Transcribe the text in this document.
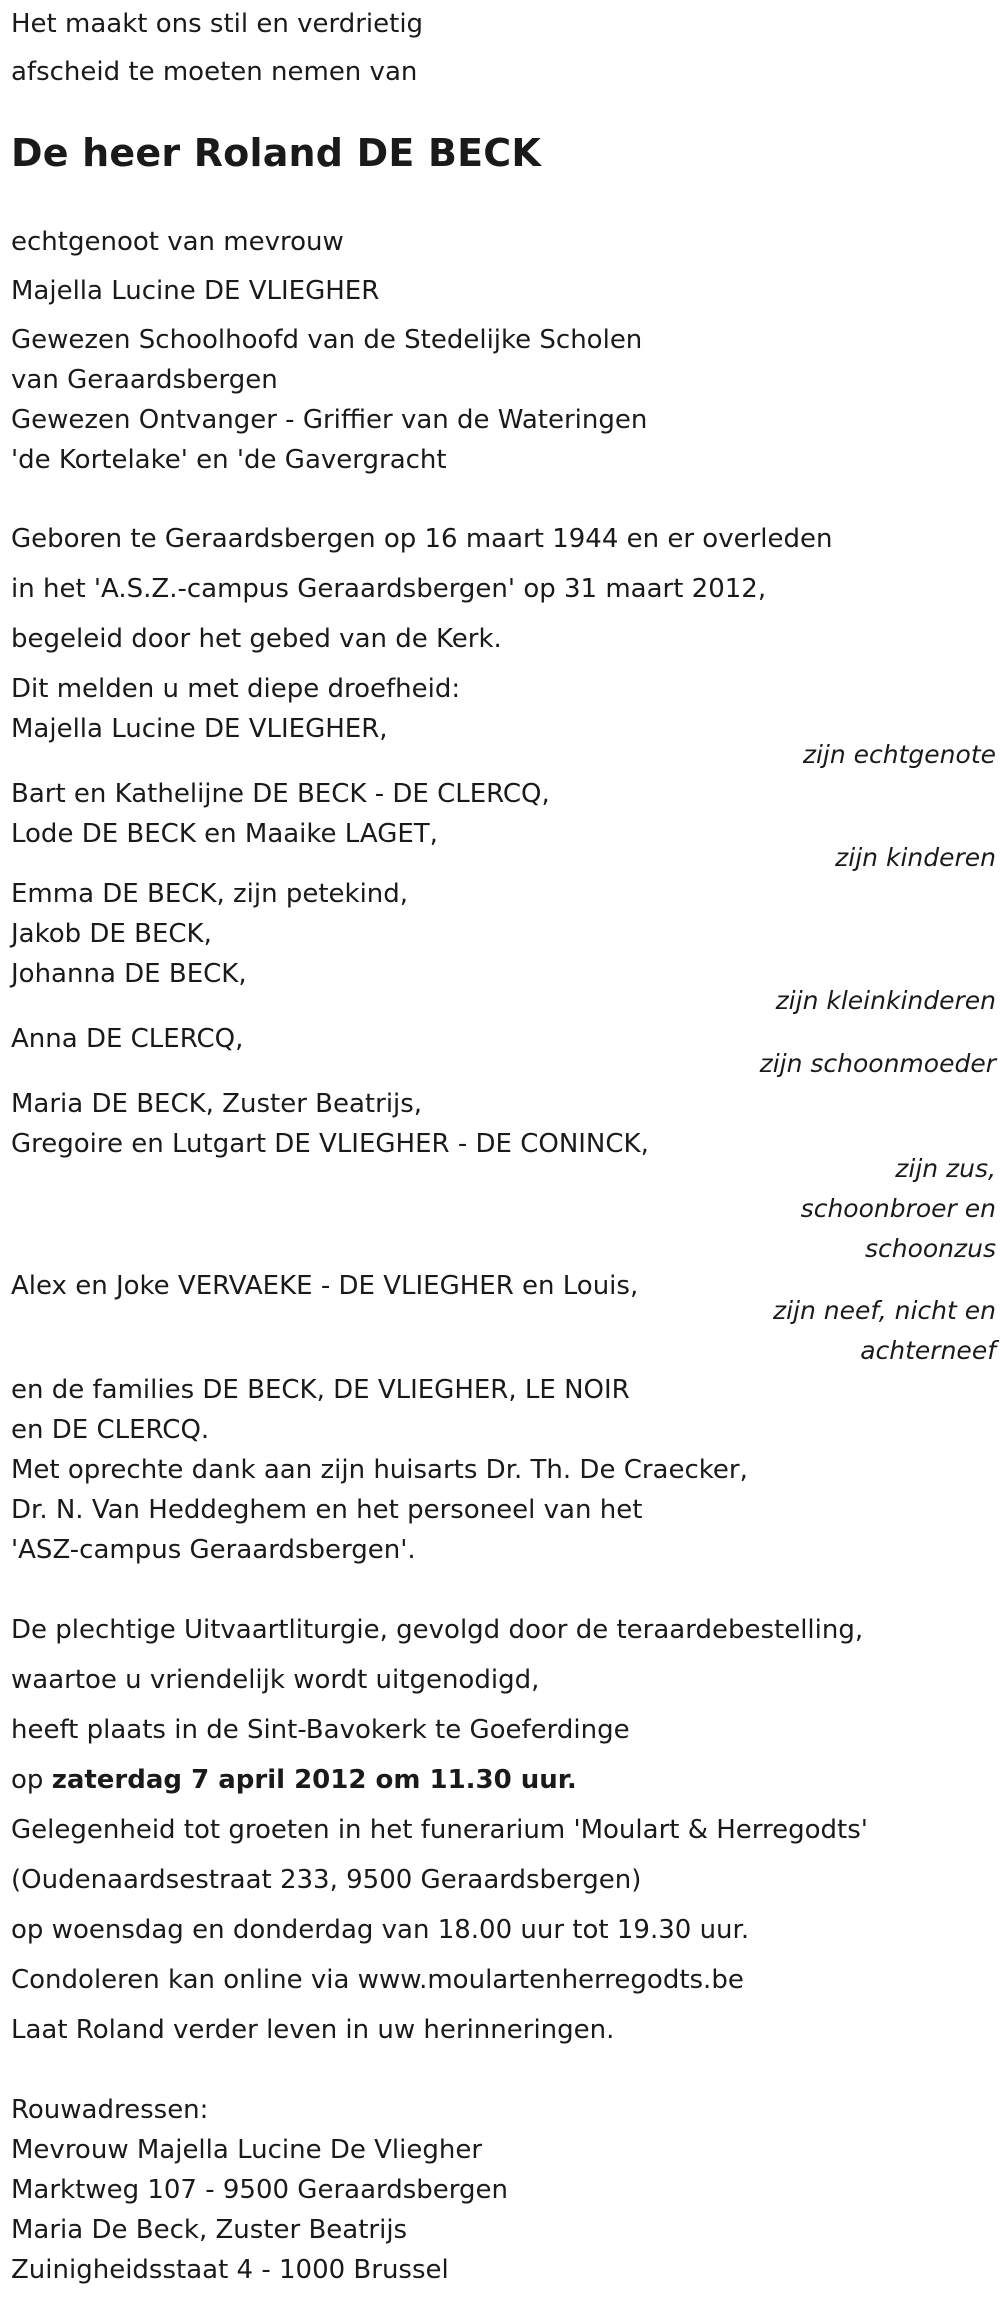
Het maakt ons stil en verdrietig

afscheid te moeten nemen van

De heer Roland DE BECK

echtgenoot van mevrouw

Majella Lucine DE VLIEGHER

Gewezen Schoolhoofd van de Stedelijke Scholen

van Geraardsbergen

Gewezen Ontvanger - Griffier van de Wateringen

'de Kortelake' en 'de Gavergracht

Geboren te Geraardsbergen op 16 maart 1944 en er overleden

in het 'A.S.Z.-campus Geraardsbergen' op 31 maart 2012,

begeleid door het gebed van de Kerk.

Dit melden u met diepe droefheid:

Majella Lucine DE VLIEGHER,

zijn echtgenote

Bart en Kathelijne DE BECK - DE CLERCQ,

Lode DE BECK en Maaike LAGET,

zijn kinderen

Emma DE BECK, zijn petekind,

Jakob DE BECK,

Johanna DE BECK,

zijn kleinkinderen

Anna DE CLERCQ,

zijn schoonmoeder

Maria DE BECK, Zuster Beatrijs,

Gregoire en Lutgart DE VLIEGHER - DE CONINCK,

zijn zus,

schoonbroer en

schoonzus

Alex en Joke VERVAEKE - DE VLIEGHER en Louis,

zijn neef, nicht en

achterneef

en de families DE BECK, DE VLIEGHER, LE NOIR

en DE CLERCQ.

Met oprechte dank aan zijn huisarts Dr. Th. De Craecker,

Dr. N. Van Heddeghem en het personeel van het

'ASZ-campus Geraardsbergen'.

De plechtige Uitvaartliturgie, gevolgd door de teraardebestelling,

waartoe u vriendelijk wordt uitgenodigd,

heeft plaats in de Sint-Bavokerk te Goeferdinge

op zaterdag 7 april 2012 om 11.30 uur.

Gelegenheid tot groeten in het funerarium 'Moulart & Herregodts'

(Oudenaardsestraat 233, 9500 Geraardsbergen)

op woensdag en donderdag van 18.00 uur tot 19.30 uur.

Condoleren kan online via www.moulartenherregodts.be

Laat Roland verder leven in uw herinneringen.

Rouwadressen:

Mevrouw Majella Lucine De Vliegher

Marktweg 107 - 9500 Geraardsbergen

Maria De Beck, Zuster Beatrijs

Zuinigheidsstaat 4 - 1000 Brussel
